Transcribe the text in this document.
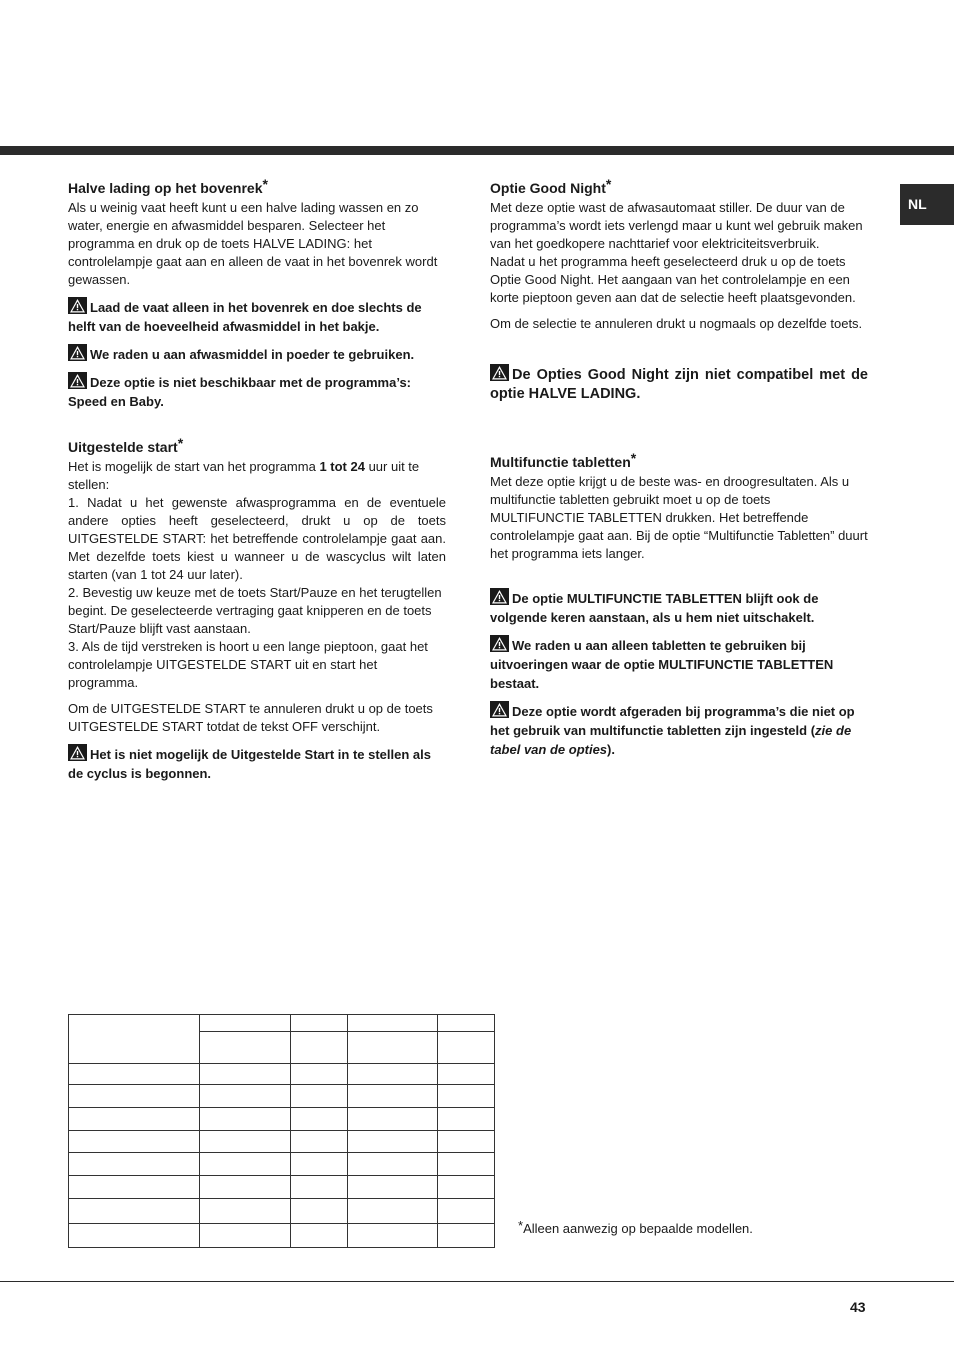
NL
Halve lading op het bovenrek*

Als u weinig vaat heeft kunt u een halve lading wassen en zo water, energie en afwasmiddel besparen. Selecteer het programma en druk op de toets HALVE LADING: het controlelampje gaat aan en alleen de vaat in het bovenrek wordt gewassen.

Laad de vaat alleen in het bovenrek en doe slechts de helft van de hoeveelheid afwasmiddel in het bakje.

We raden u aan afwasmiddel in poeder te gebruiken.

Deze optie is niet beschikbaar met de programma’s: Speed en Baby.

Uitgestelde start*

Het is mogelijk de start van het programma 1 tot 24 uur uit te stellen:

1. Nadat u het gewenste afwasprogramma en de eventuele andere opties heeft geselecteerd, drukt u op de toets UITGESTELDE START: het betreffende controlelampje gaat aan. Met dezelfde toets kiest u wanneer u de wascyclus wilt laten starten (van 1 tot 24 uur later).

2. Bevestig uw keuze met de toets Start/Pauze en het terugtellen begint. De geselecteerde vertraging gaat knipperen en de toets Start/Pauze blijft vast aanstaan.

3. Als de tijd verstreken is hoort u een lange pieptoon, gaat het controlelampje UITGESTELDE START uit en start het programma.

Om de UITGESTELDE START te annuleren drukt u op de toets UITGESTELDE START totdat de tekst OFF verschijnt.

Het is niet mogelijk de Uitgestelde Start in te stellen als de cyclus is begonnen.

Optie Good Night*

Met deze optie wast de afwasautomaat stiller. De duur van de programma’s wordt iets verlengd maar u kunt wel gebruik maken van het goedkopere nachttarief voor elektriciteitsverbruik.

Nadat u het programma heeft geselecteerd druk u op de toets Optie Good Night. Het aangaan van het controlelampje en een korte pieptoon geven aan dat de selectie heeft plaatsgevonden.

Om de selectie te annuleren drukt u nogmaals op dezelfde toets.

De Opties Good Night zijn niet compatibel met de optie HALVE LADING.

Multifunctie tabletten*

Met deze optie krijgt u de beste was- en droogresultaten. Als u multifunctie tabletten gebruikt moet u op de toets MULTIFUNCTIE TABLETTEN drukken. Het betreffende controlelampje gaat aan. Bij de optie “Multifunctie Tabletten” duurt het programma iets langer.

De optie MULTIFUNCTIE TABLETTEN blijft ook de volgende keren aanstaan, als u hem niet uitschakelt.

We raden u aan alleen tabletten te gebruiken bij uitvoeringen waar de optie MULTIFUNCTIE TABLETTEN bestaat.

Deze optie wordt afgeraden bij programma’s die niet op het gebruik van multifunctie tabletten zijn ingesteld (zie de tabel van de opties).

*Alleen aanwezig op bepaalde modellen.
43
